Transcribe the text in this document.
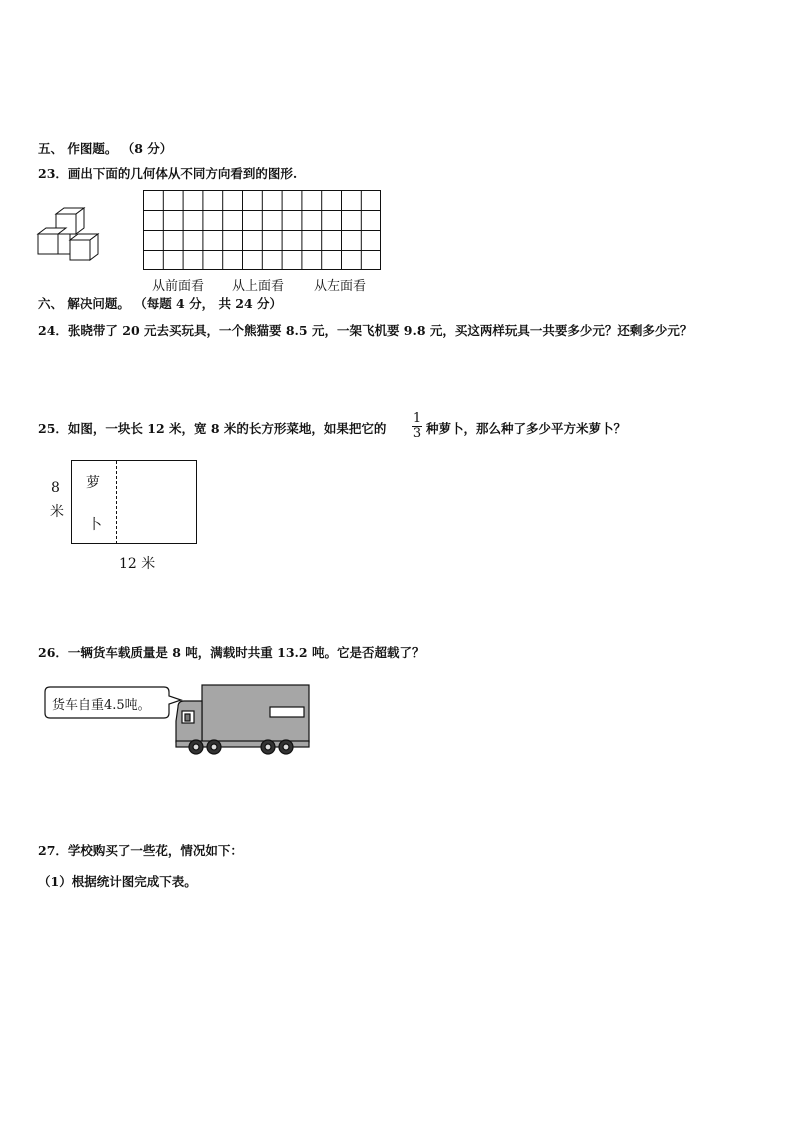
五、 作图题。 （8 分）
23．画出下面的几何体从不同方向看到的图形.
从前面看 从上面看 从左面看
六、 解决问题。 （每题 4 分， 共 24 分）
24．张晓带了 20 元去买玩具，一个熊猫要 8.5 元，一架飞机要 9.8 元，买这两样玩具一共要多少元？还剩多少元？
25．如图，一块长 12 米，宽 8 米的长方形菜地，如果把它的
1
3 种萝卜，那么种了多少平方米萝卜？
8
米
萝
卜
12 米
26．一辆货车载质量是 8 吨，满载时共重 13.2 吨。它是否超载了？
货车自重4.5吨。
27．学校购买了一些花，情况如下：
（1）根据统计图完成下表。
